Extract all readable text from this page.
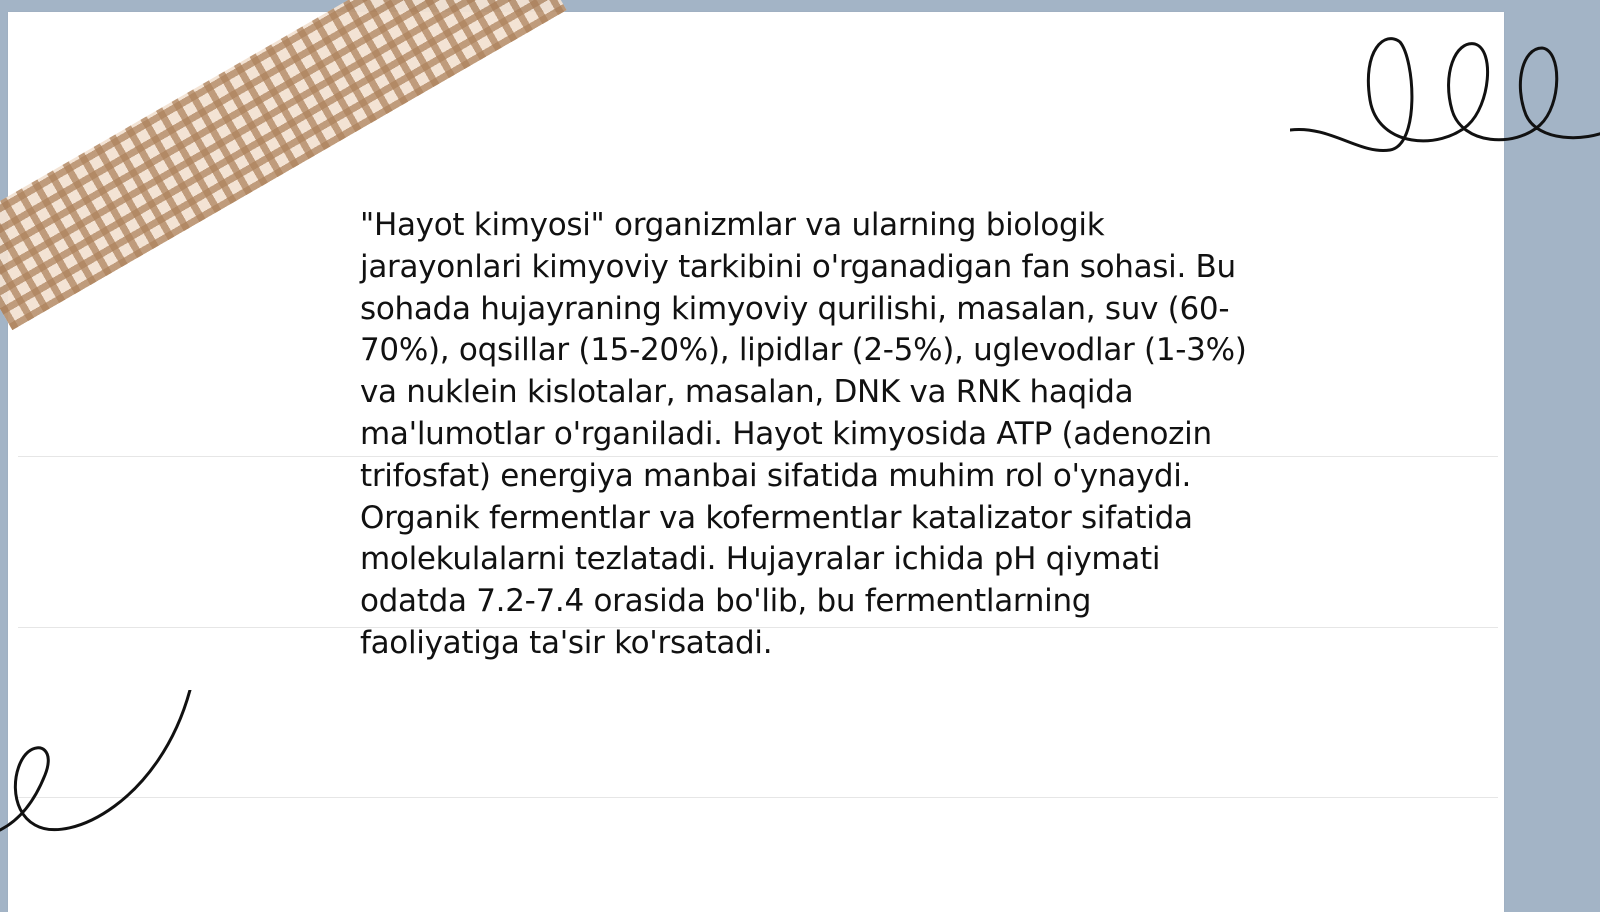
"Hayot kimyosi" organizmlar va ularning biologik jarayonlari kimyoviy tarkibini o'rganadigan fan sohasi. Bu sohada hujayraning kimyoviy qurilishi, masalan, suv (60-70%), oqsillar (15-20%), lipidlar (2-5%), uglevodlar (1-3%) va nuklein kislotalar, masalan, DNK va RNK haqida ma'lumotlar o'rganiladi. Hayot kimyosida ATP (adenozin trifosfat) energiya manbai sifatida muhim rol o'ynaydi. Organik fermentlar va kofermentlar katalizator sifatida molekulalarni tezlatadi. Hujayralar ichida pH qiymati odatda 7.2-7.4 orasida bo'lib, bu fermentlarning faoliyatiga ta'sir ko'rsatadi.
